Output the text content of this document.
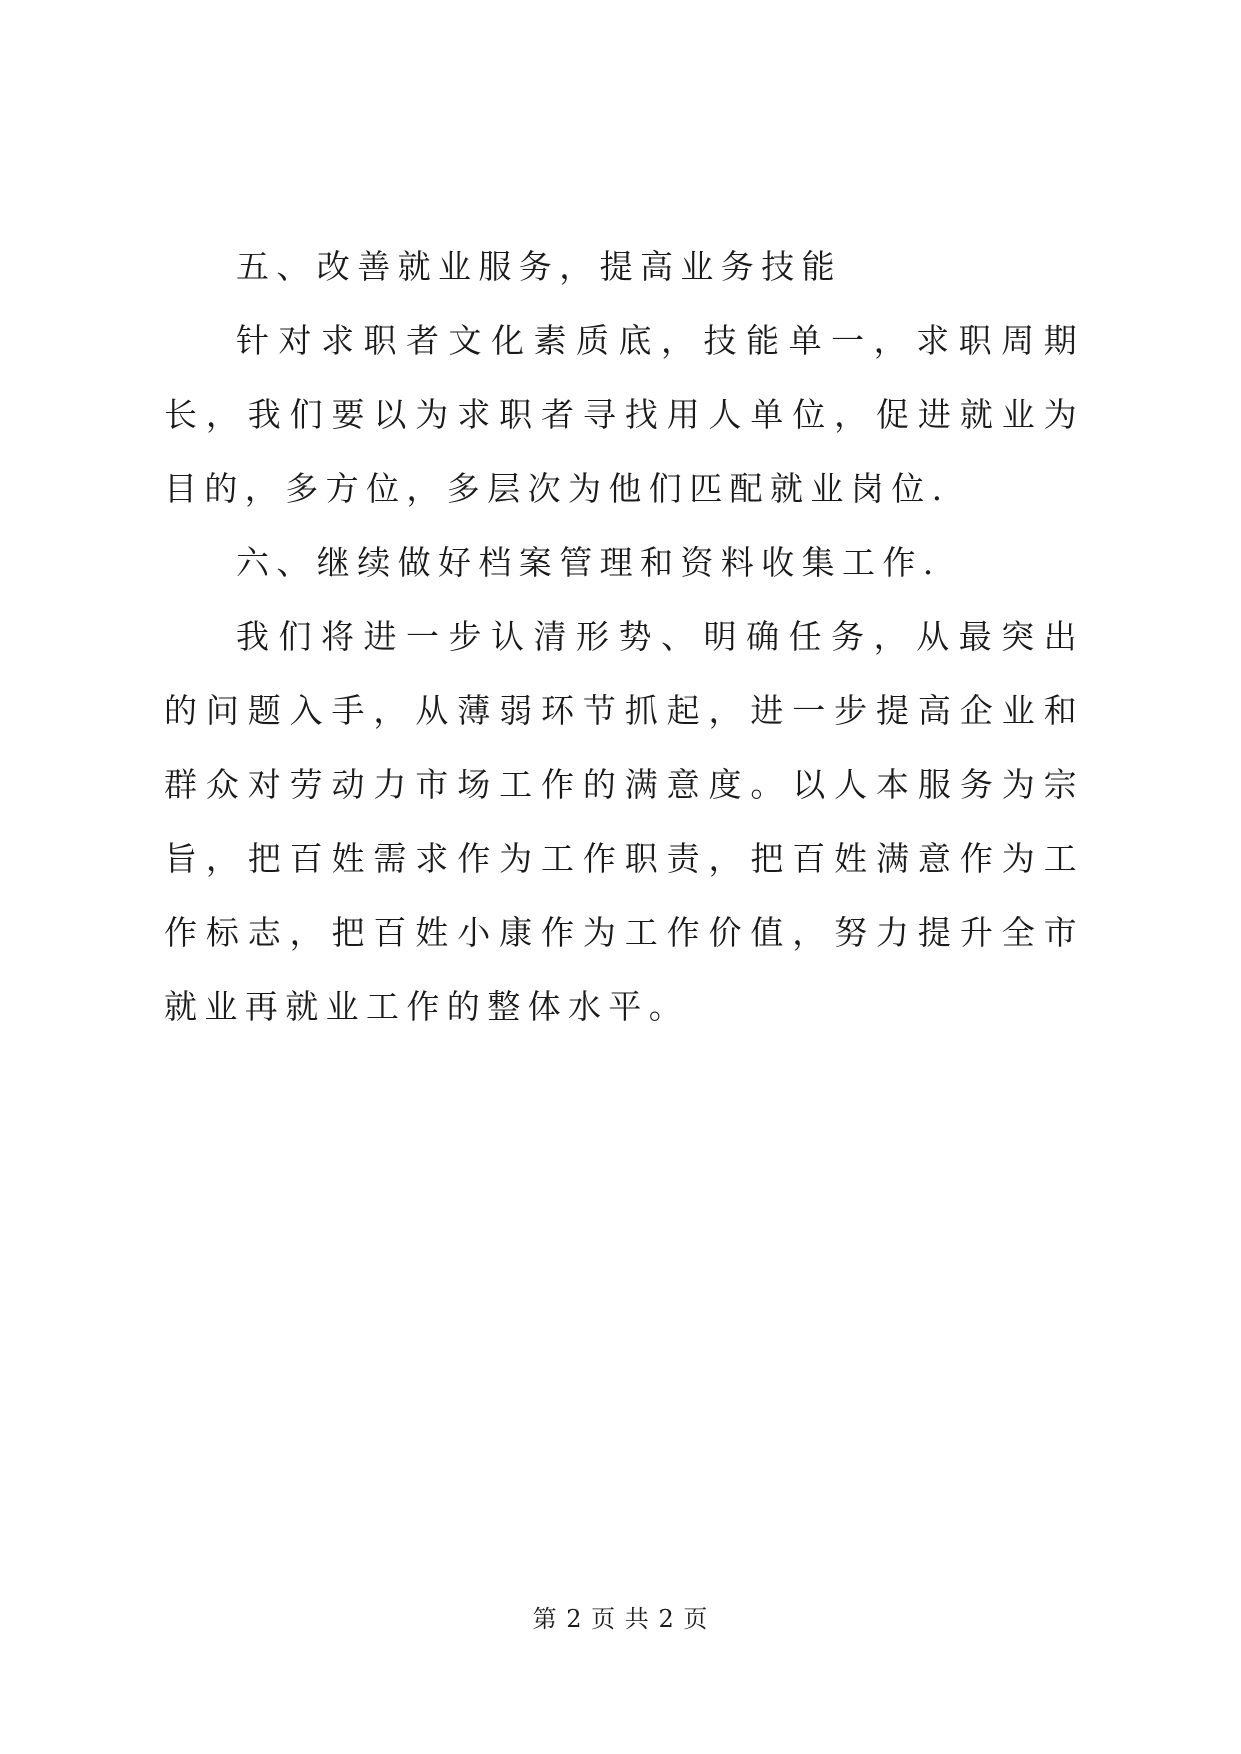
五、改善就业服务，提高业务技能

针对求职者文化素质底，技能单一，求职周期长，我们要以为求职者寻找用人单位，促进就业为目的，多方位，多层次为他们匹配就业岗位.

六、继续做好档案管理和资料收集工作.

我们将进一步认清形势、明确任务，从最突出的问题入手，从薄弱环节抓起，进一步提高企业和群众对劳动力市场工作的满意度。以人本服务为宗旨，把百姓需求作为工作职责，把百姓满意作为工作标志，把百姓小康作为工作价值，努力提升全市就业再就业工作的整体水平。

第 2 页 共 2 页
